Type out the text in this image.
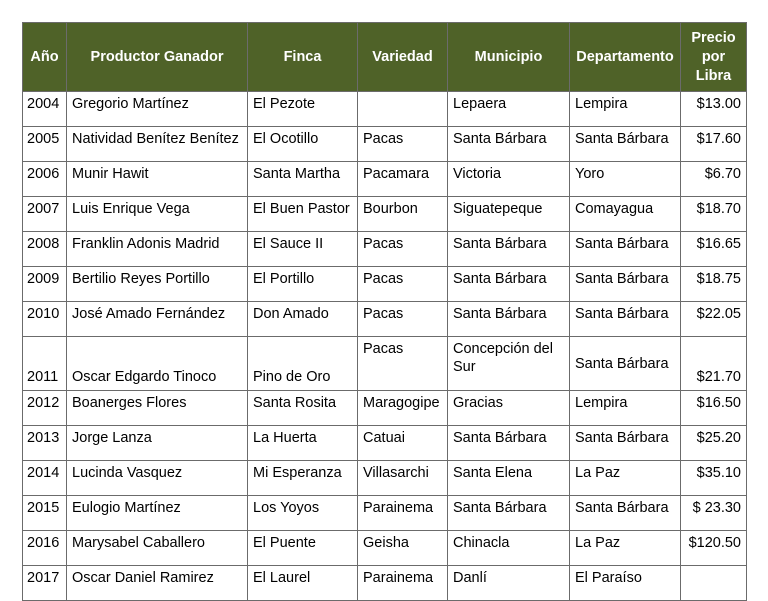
Año	Productor Ganador	Finca	Variedad	Municipio	Departamento	Precio por Libra
2004	Gregorio Martínez	El Pezote		Lepaera	Lempira	$13.00
2005	Natividad Benítez Benítez	El Ocotillo	Pacas	Santa Bárbara	Santa Bárbara	$17.60
2006	Munir Hawit	Santa Martha	Pacamara	Victoria	Yoro	$6.70
2007	Luis Enrique Vega	El Buen Pastor	Bourbon	Siguatepeque	Comayagua	$18.70
2008	Franklin Adonis Madrid	El Sauce II	Pacas	Santa Bárbara	Santa Bárbara	$16.65
2009	Bertilio Reyes Portillo	El Portillo	Pacas	Santa Bárbara	Santa Bárbara	$18.75
2010	José Amado Fernández	Don Amado	Pacas	Santa Bárbara	Santa Bárbara	$22.05
2011	Oscar Edgardo Tinoco	Pino de Oro	Pacas	Concepción del Sur	Santa Bárbara	$21.70
2012	Boanerges Flores	Santa Rosita	Maragogipe	Gracias	Lempira	$16.50
2013	Jorge Lanza	La Huerta	Catuai	Santa Bárbara	Santa Bárbara	$25.20
2014	Lucinda Vasquez	Mi Esperanza	Villasarchi	Santa Elena	La Paz	$35.10
2015	Eulogio Martínez	Los Yoyos	Parainema	Santa Bárbara	Santa Bárbara	$ 23.30
2016	Marysabel Caballero	El Puente	Geisha	Chinacla	La Paz	$120.50
2017	Oscar Daniel Ramirez	El Laurel	Parainema	Danlí	El Paraíso	
